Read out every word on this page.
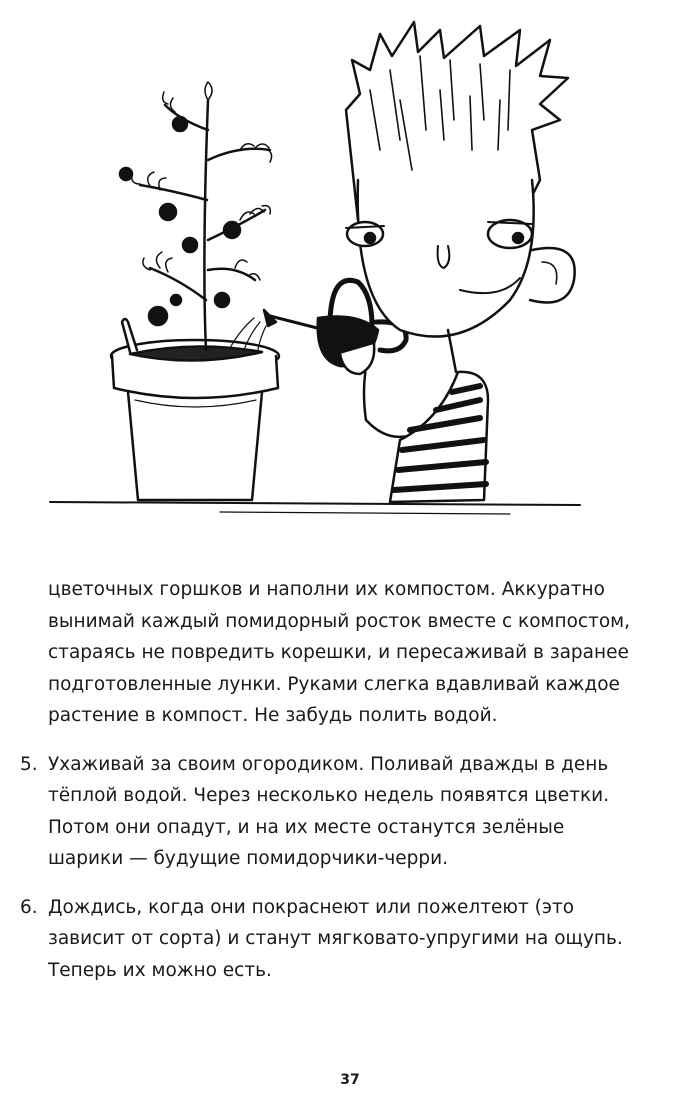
цветочных горшков и наполни их компостом. Аккуратно
вынимай каждый помидорный росток вместе с компостом,
стараясь не повредить корешки, и пересаживай в заранее
подготовленные лунки. Руками слегка вдавливай каждое
растение в компост. Не забудь полить водой.

5. Ухаживай за своим огородиком. Поливай дважды в день
тёплой водой. Через несколько недель появятся цветки.
Потом они опадут, и на их месте останутся зелёные
шарики — будущие помидорчики-черри.
6. Дождись, когда они покраснеют или пожелтеют (это
зависит от сорта) и станут мягковато-упругими на ощупь.
Теперь их можно есть.
37
